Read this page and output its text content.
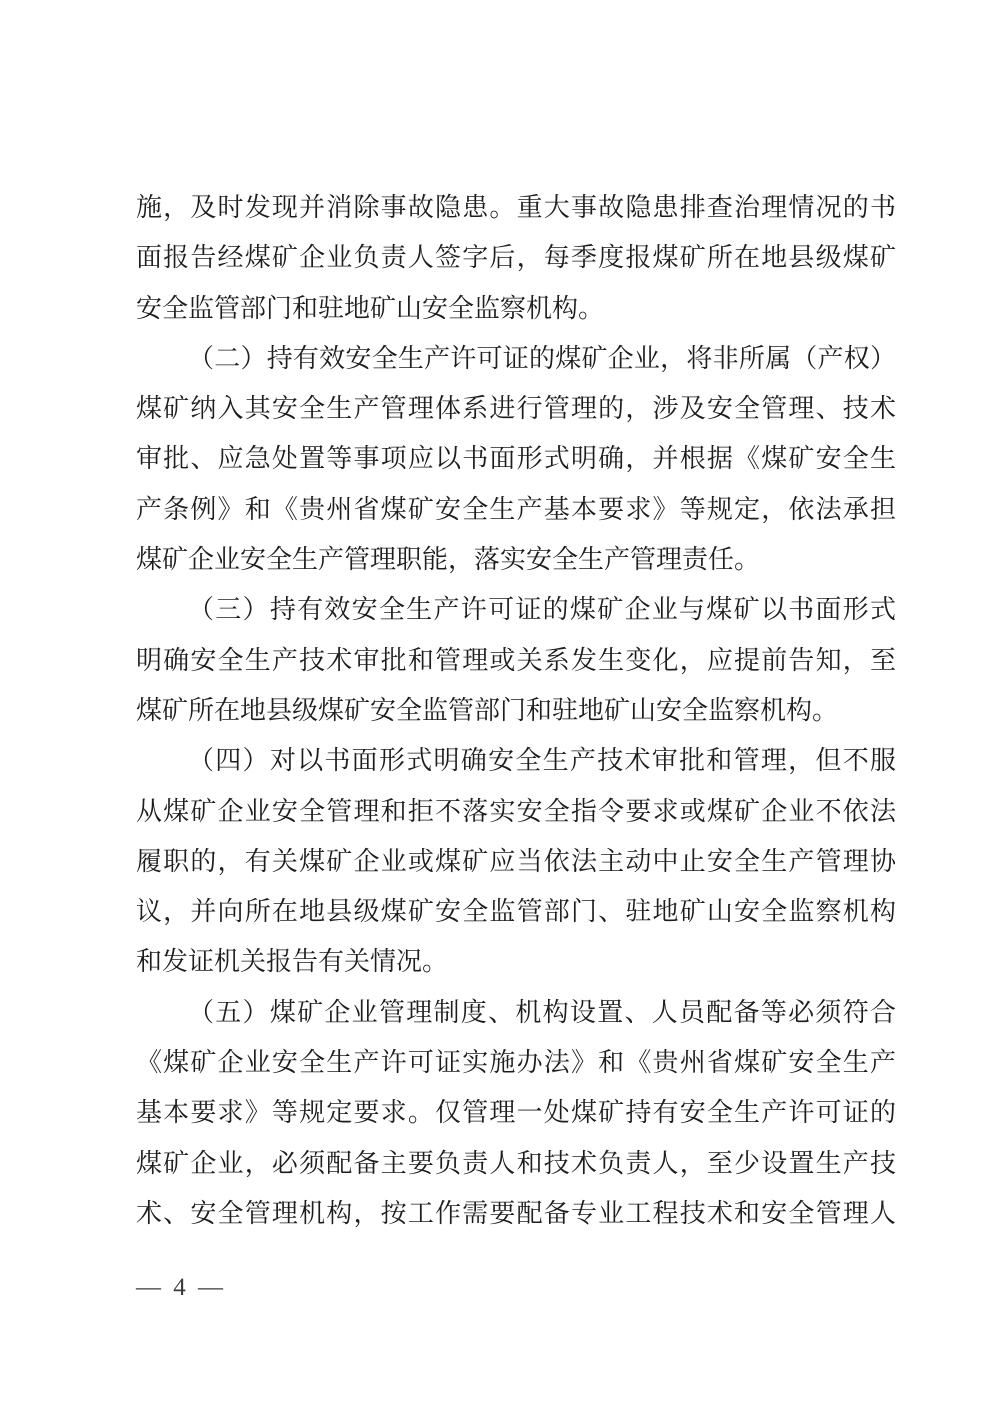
施，及时发现并消除事故隐患。重大事故隐患排查治理情况的书
面报告经煤矿企业负责人签字后，每季度报煤矿所在地县级煤矿
安全监管部门和驻地矿山安全监察机构。
（二）持有效安全生产许可证的煤矿企业，将非所属（产权）
煤矿纳入其安全生产管理体系进行管理的，涉及安全管理、技术
审批、应急处置等事项应以书面形式明确，并根据《煤矿安全生
产条例》和《贵州省煤矿安全生产基本要求》等规定，依法承担
煤矿企业安全生产管理职能，落实安全生产管理责任。
（三）持有效安全生产许可证的煤矿企业与煤矿以书面形式
明确安全生产技术审批和管理或关系发生变化，应提前告知，至
煤矿所在地县级煤矿安全监管部门和驻地矿山安全监察机构。
（四）对以书面形式明确安全生产技术审批和管理，但不服
从煤矿企业安全管理和拒不落实安全指令要求或煤矿企业不依法
履职的，有关煤矿企业或煤矿应当依法主动中止安全生产管理协
议，并向所在地县级煤矿安全监管部门、驻地矿山安全监察机构
和发证机关报告有关情况。
（五）煤矿企业管理制度、机构设置、人员配备等必须符合
《煤矿企业安全生产许可证实施办法》和《贵州省煤矿安全生产
基本要求》等规定要求。仅管理一处煤矿持有安全生产许可证的
煤矿企业，必须配备主要负责人和技术负责人，至少设置生产技
术、安全管理机构，按工作需要配备专业工程技术和安全管理人
— 4 —
